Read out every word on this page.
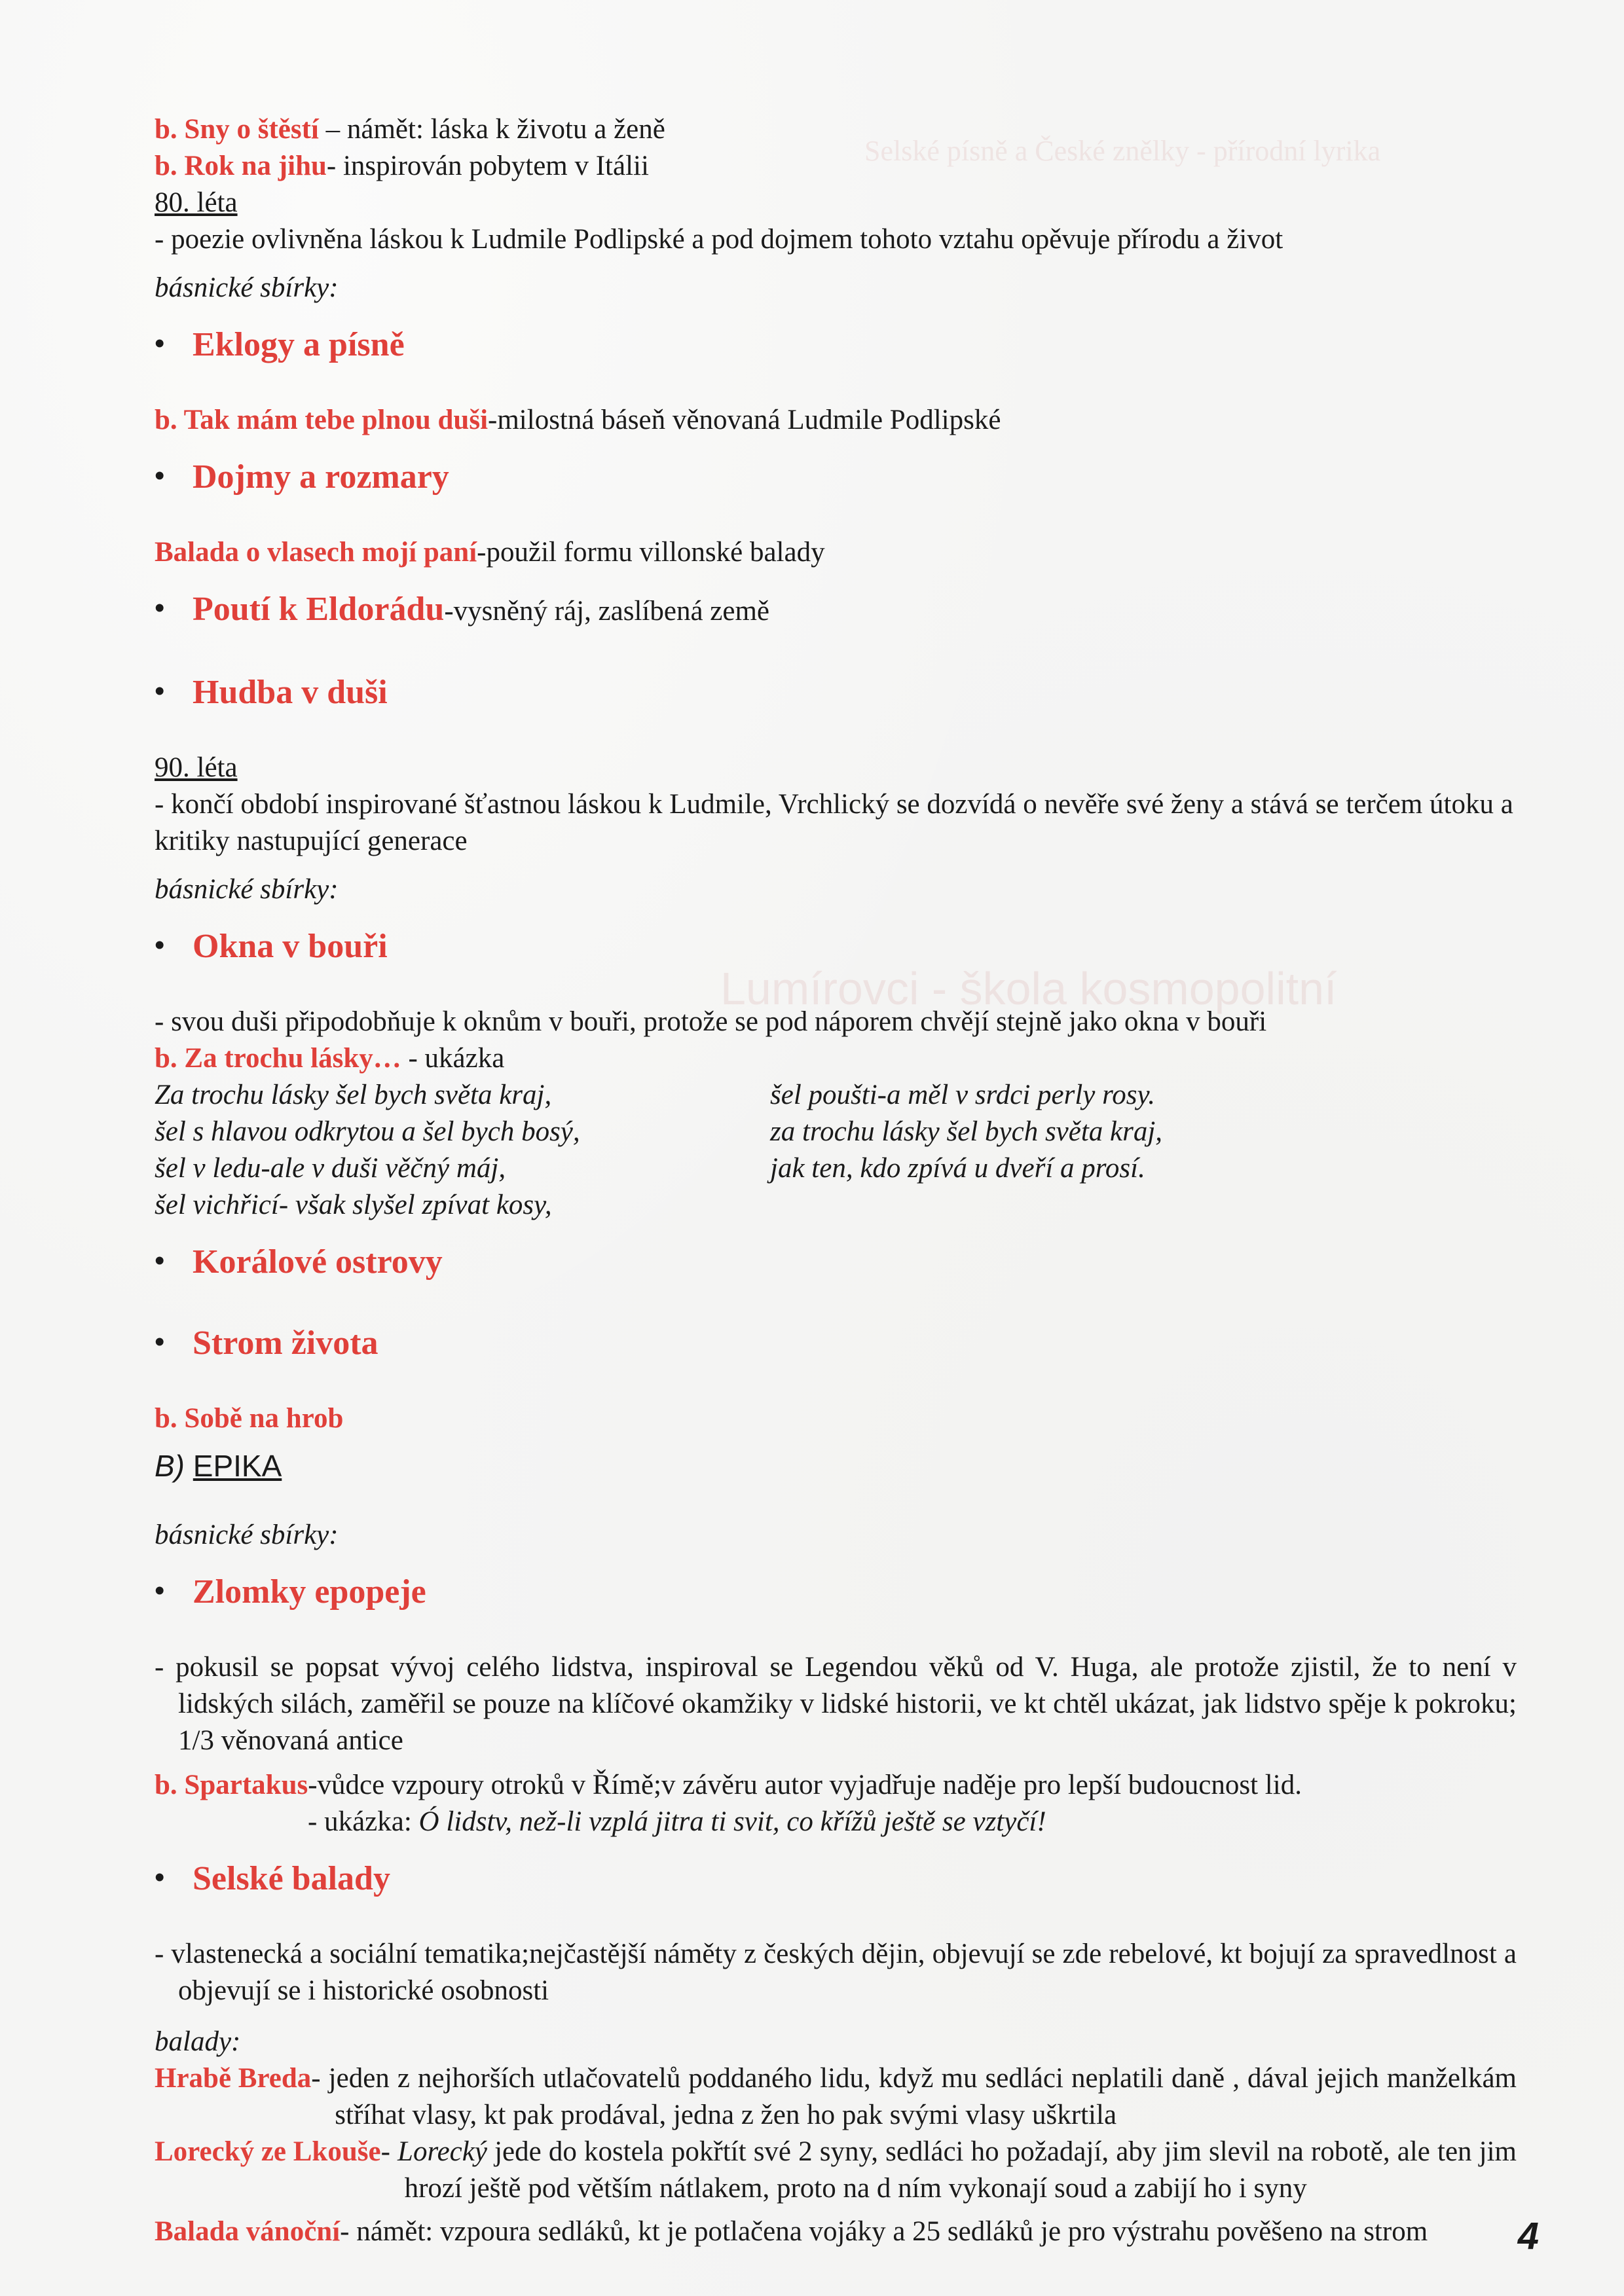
Selské písně a České znělky - přírodní lyrika
Lumírovci - škola kosmopolitní

b. Sny o štěstí – námět: láska k životu a ženě

b. Rok na jihu- inspirován pobytem v Itálii

80. léta

- poezie ovlivněna láskou k Ludmile Podlipské a pod dojmem tohoto vztahu opěvuje přírodu a život

básnické sbírky:

• Eklogy a písně

b. Tak mám tebe plnou duši-milostná báseň věnovaná Ludmile Podlipské

• Dojmy a rozmary

Balada o vlasech mojí paní-použil formu villonské balady

• Poutí k Eldorádu-vysněný ráj, zaslíbená země

• Hudba v duši

90. léta

- končí období inspirované šťastnou láskou k Ludmile, Vrchlický se dozvídá o nevěře své ženy a stává se terčem útoku a kritiky nastupující generace

básnické sbírky:

• Okna v bouři

- svou duši připodobňuje k oknům v bouři, protože se pod náporem chvějí stejně jako okna v bouři

b. Za trochu lásky… - ukázka

Za trochu lásky šel bych světa kraj,

šel s hlavou odkrytou a šel bych bosý,

šel v ledu-ale v duši věčný máj,

šel vichřicí- však slyšel zpívat kosy,

šel poušti-a měl v srdci perly rosy.

za trochu lásky šel bych světa kraj,

jak ten, kdo zpívá u dveří a prosí.

• Korálové ostrovy

• Strom života

b. Sobě na hrob

B) EPIKA

básnické sbírky:

• Zlomky epopeje

- pokusil se popsat vývoj celého lidstva, inspiroval se Legendou věků od V. Huga, ale protože zjistil, že to není v lidských silách, zaměřil se pouze na klíčové okamžiky v lidské historii, ve kt chtěl ukázat, jak lidstvo spěje k pokroku; 1/3 věnovaná antice

b. Spartakus-vůdce vzpoury otroků v Římě;v závěru autor vyjadřuje naděje pro lepší budoucnost lid.

- ukázka: Ó lidstv, než-li vzplá jitra ti svit, co křížů ještě se vztyčí!

• Selské balady

- vlastenecká a sociální tematika;nejčastější náměty z českých dějin, objevují se zde rebelové, kt bojují za spravedlnost a objevují se i historické osobnosti

balady:

Hrabě Breda - jeden z nejhorších utlačovatelů poddaného lidu, když mu sedláci neplatili daně , dával jejich manželkám stříhat vlasy, kt pak prodával, jedna z žen ho pak svými vlasy uškrtila
Lorecký ze Lkouše - Lorecký jede do kostela pokřtít své 2 syny, sedláci ho požadají, aby jim slevil na robotě, ale ten jim hrozí ještě pod větším nátlakem, proto na d ním vykonají soud a zabijí ho i syny
Balada vánoční - námět: vzpoura sedláků, kt je potlačena vojáky a 25 sedláků je pro výstrahu pověšeno na strom	4
